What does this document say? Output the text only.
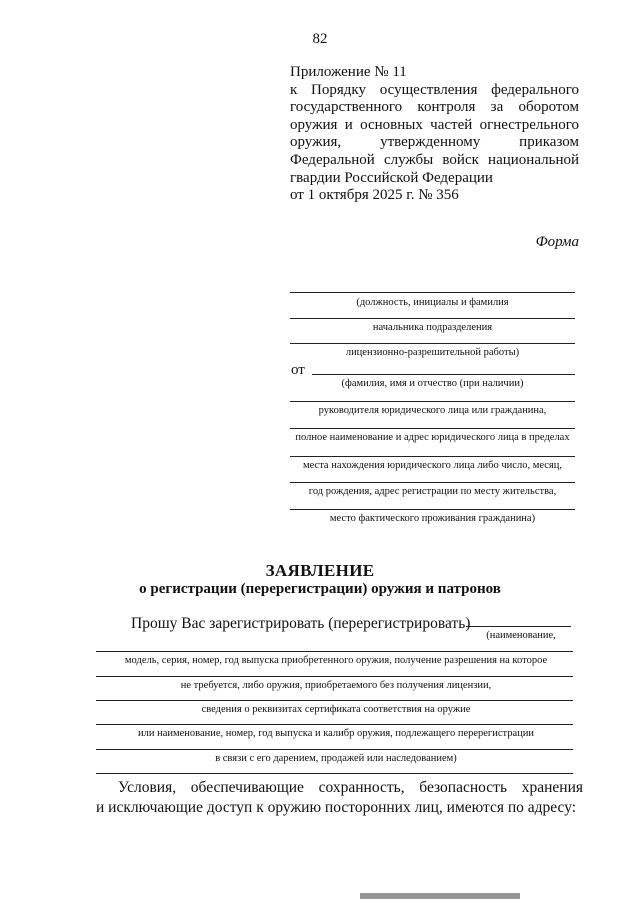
82
Приложение № 11
к Порядку осуществления федерального
государственного контроля за оборотом
оружия и основных частей огнестрельного
оружия, утвержденному приказом
Федеральной службы войск национальной
гвардии Российской Федерации
от 1 октября 2025 г. № 356
Форма
(должность, инициалы и фамилия
начальника подразделения
лицензионно-разрешительной работы)
от
(фамилия, имя и отчество (при наличии)
руководителя юридического лица или гражданина,
полное наименование и адрес юридического лица в пределах
места нахождения юридического лица либо число, месяц,
год рождения, адрес регистрации по месту жительства,
место фактического проживания гражданина)
ЗАЯВЛЕНИЕ
о регистрации (перерегистрации) оружия и патронов
Прошу Вас зарегистрировать (перерегистрировать)
(наименование,
модель, серия, номер, год выпуска приобретенного оружия, получение разрешения на которое
не требуется, либо оружия, приобретаемого без получения лицензии,
сведения о реквизитах сертификата соответствия на оружие
или наименование, номер, год выпуска и калибр оружия, подлежащего перерегистрации
в связи с его дарением, продажей или наследованием)
Условия, обеспечивающие сохранность, безопасность хранения
и исключающие доступ к оружию посторонних лиц, имеются по адресу:
